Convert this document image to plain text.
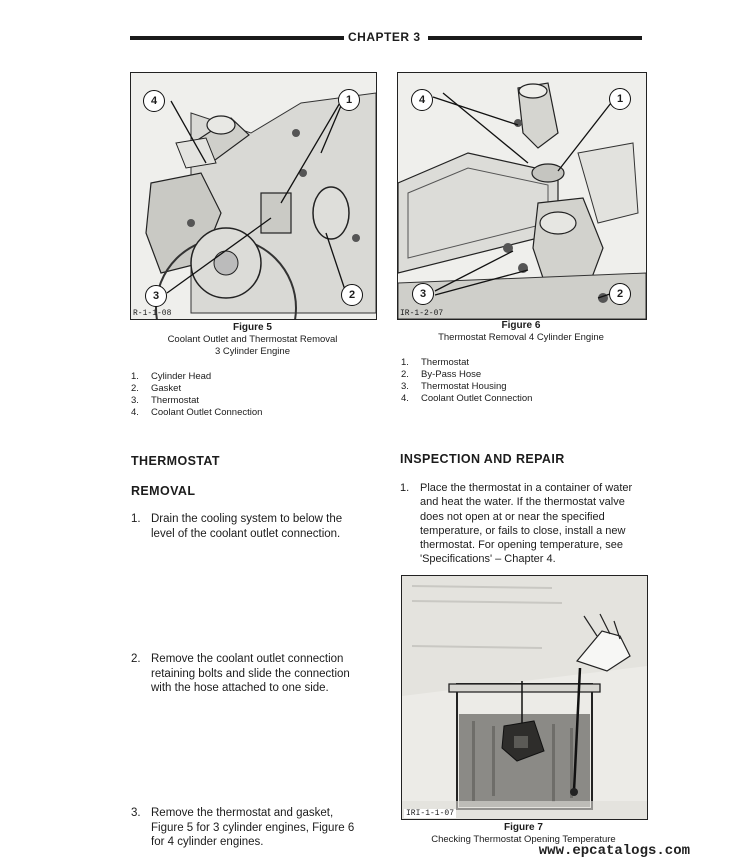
CHAPTER 3
4	1
3	2
R-1-1-08
Figure 5
Coolant Outlet and Thermostat Removal
3 Cylinder Engine
1. Cylinder Head
2. Gasket
3. Thermostat
4. Coolant Outlet Connection
4	1
3	2
IR-1-2-07
Figure 6
Thermostat Removal 4 Cylinder Engine
1. Thermostat
2. By-Pass Hose
3. Thermostat Housing
4. Coolant Outlet Connection
THERMOSTAT
REMOVAL
1. Drain the cooling system to below the
level of the coolant outlet connection.
2. Remove the coolant outlet connection
retaining bolts and slide the connection
with the hose attached to one side.
3. Remove the thermostat and gasket,
Figure 5 for 3 cylinder engines, Figure 6
for 4 cylinder engines.
INSPECTION AND REPAIR
1. Place the thermostat in a container of water
and heat the water. If the thermostat valve
does not open at or near the specified
temperature, or fails to close, install a new
thermostat. For opening temperature, see
'Specifications' – Chapter 4.
IRI-1-1-07
Figure 7
Checking Thermostat Opening Temperature
www.epcatalogs.com
